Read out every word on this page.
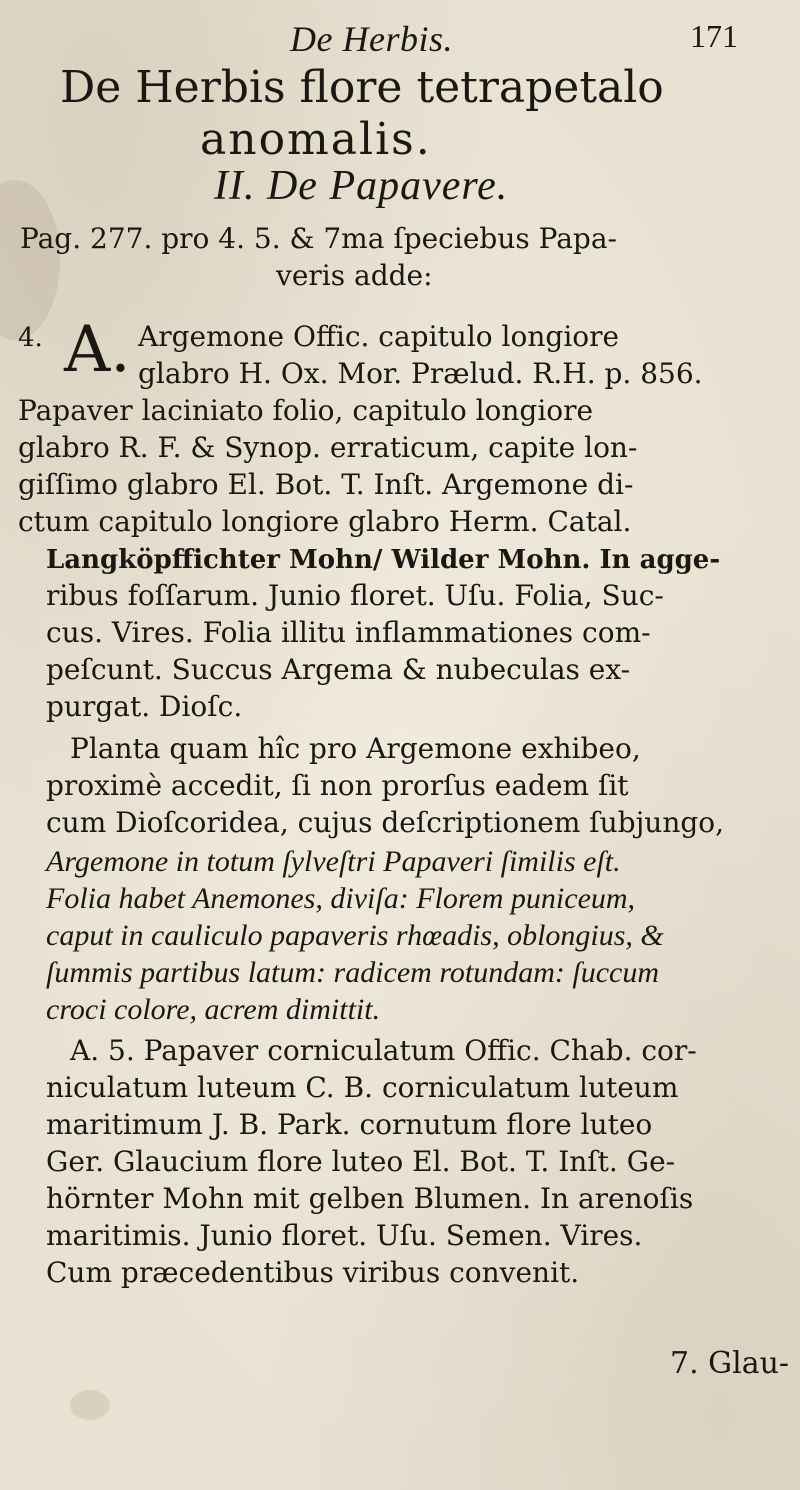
De Herbis.	171
De Herbis flore tetrapetalo
anomalis.
II. De Papavere.
Pag. 277. pro 4. 5. & 7ma ſpeciebus Papa-
veris adde:
4. A. Argemone Offic. capitulo longiore
glabro H. Ox. Mor. Prælud. R.H. p. 856.
Papaver laciniato folio, capitulo longiore
glabro R. F. & Synop. erraticum, capite lon-
giſſimo glabro El. Bot. T. Inſt. Argemone di-
ctum capitulo longiore glabro Herm. Catal.
Langköpffichter Mohn/ Wilder Mohn. In agge-
ribus foſſarum. Junio floret. Uſu. Folia, Suc-
cus. Vires. Folia illitu inflammationes com-
peſcunt. Succus Argema & nubeculas ex-
purgat. Dioſc.
Planta quam hîc pro Argemone exhibeo,
proximè accedit, ſi non prorſus eadem ſit
cum Dioſcoridea, cujus deſcriptionem ſubjungo,
Argemone in totum ſylveſtri Papaveri ſimilis eſt.
Folia habet Anemones, diviſa: Florem puniceum,
caput in cauliculo papaveris rhœadis, oblongius, &
ſummis partibus latum: radicem rotundam: ſuccum
croci colore, acrem dimittit.
A. 5. Papaver corniculatum Offic. Chab. cor-
niculatum luteum C. B. corniculatum luteum
maritimum J. B. Park. cornutum flore luteo
Ger. Glaucium flore luteo El. Bot. T. Inſt. Ge-
hörnter Mohn mit gelben Blumen. In arenoſis
maritimis. Junio floret. Uſu. Semen. Vires.
Cum præcedentibus viribus convenit.
7. Glau-
